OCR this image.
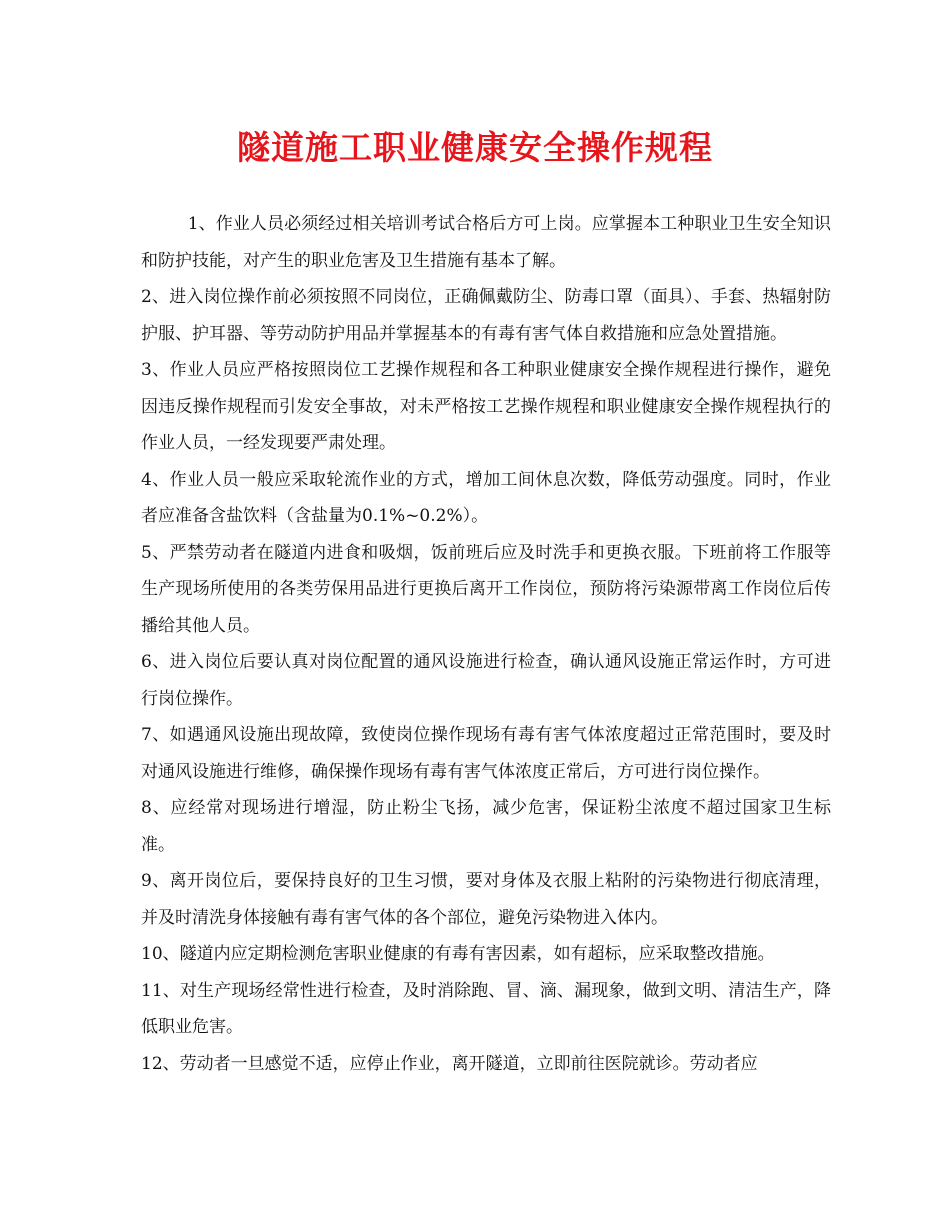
隧道施工职业健康安全操作规程

1、作业人员必须经过相关培训考试合格后方可上岗。应掌握本工种职业卫生安全知识和防护技能，对产生的职业危害及卫生措施有基本了解。

2、进入岗位操作前必须按照不同岗位，正确佩戴防尘、防毒口罩（面具）、手套、热辐射防护服、护耳器、等劳动防护用品并掌握基本的有毒有害气体自救措施和应急处置措施。

3、作业人员应严格按照岗位工艺操作规程和各工种职业健康安全操作规程进行操作，避免因违反操作规程而引发安全事故，对未严格按工艺操作规程和职业健康安全操作规程执行的作业人员，一经发现要严肃处理。

4、作业人员一般应采取轮流作业的方式，增加工间休息次数，降低劳动强度。同时，作业者应准备含盐饮料（含盐量为0.1%~0.2%）。

5、严禁劳动者在隧道内进食和吸烟，饭前班后应及时洗手和更换衣服。下班前将工作服等生产现场所使用的各类劳保用品进行更换后离开工作岗位，预防将污染源带离工作岗位后传播给其他人员。

6、进入岗位后要认真对岗位配置的通风设施进行检查，确认通风设施正常运作时，方可进行岗位操作。

7、如遇通风设施出现故障，致使岗位操作现场有毒有害气体浓度超过正常范围时，要及时对通风设施进行维修，确保操作现场有毒有害气体浓度正常后，方可进行岗位操作。

8、应经常对现场进行增湿，防止粉尘飞扬，减少危害，保证粉尘浓度不超过国家卫生标准。

9、离开岗位后，要保持良好的卫生习惯，要对身体及衣服上粘附的污染物进行彻底清理，并及时清洗身体接触有毒有害气体的各个部位，避免污染物进入体内。

10、隧道内应定期检测危害职业健康的有毒有害因素，如有超标，应采取整改措施。

11、对生产现场经常性进行检查，及时消除跑、冒、滴、漏现象，做到文明、清洁生产，降低职业危害。

12、劳动者一旦感觉不适，应停止作业，离开隧道，立即前往医院就诊。劳动者应
